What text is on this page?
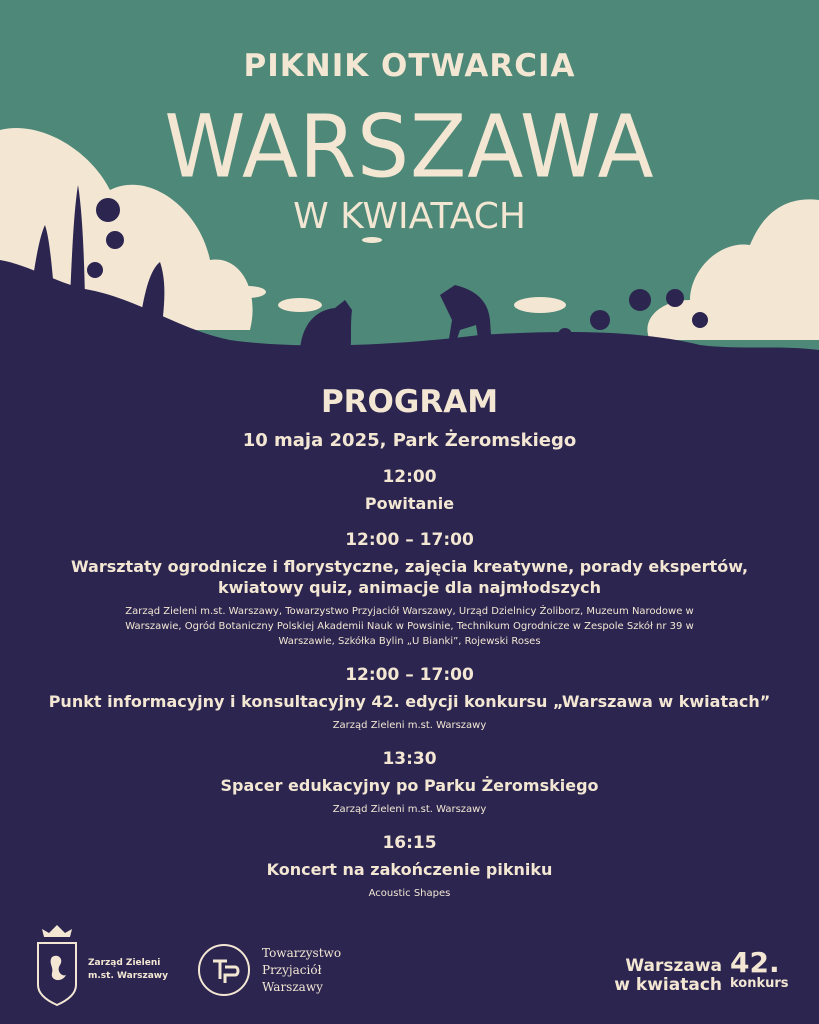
PIKNIK OTWARCIA
WARSZAWA
W KWIATACH
PROGRAM
10 maja 2025, Park Żeromskiego
12:00
Powitanie
12:00 – 17:00
Warsztaty ogrodnicze i florystyczne, zajęcia kreatywne, porady ekspertów, kwiatowy quiz, animacje dla najmłodszych
Zarząd Zieleni m.st. Warszawy, Towarzystwo Przyjaciół Warszawy, Urząd Dzielnicy Żoliborz, Muzeum Narodowe w Warszawie, Ogród Botaniczny Polskiej Akademii Nauk w Powsinie, Technikum Ogrodnicze w Zespole Szkół nr 39 w Warszawie, Szkółka Bylin „U Bianki”, Rojewski Roses
12:00 – 17:00
Punkt informacyjny i konsultacyjny 42. edycji konkursu „Warszawa w kwiatach”
Zarząd Zieleni m.st. Warszawy
13:30
Spacer edukacyjny po Parku Żeromskiego
Zarząd Zieleni m.st. Warszawy
16:15
Koncert na zakończenie pikniku
Acoustic Shapes
Zarząd Zieleni
m.st. Warszawy
Towarzystwo
Przyjaciół
Warszawy
Warszawa
w kwiatach
42.
konkurs
